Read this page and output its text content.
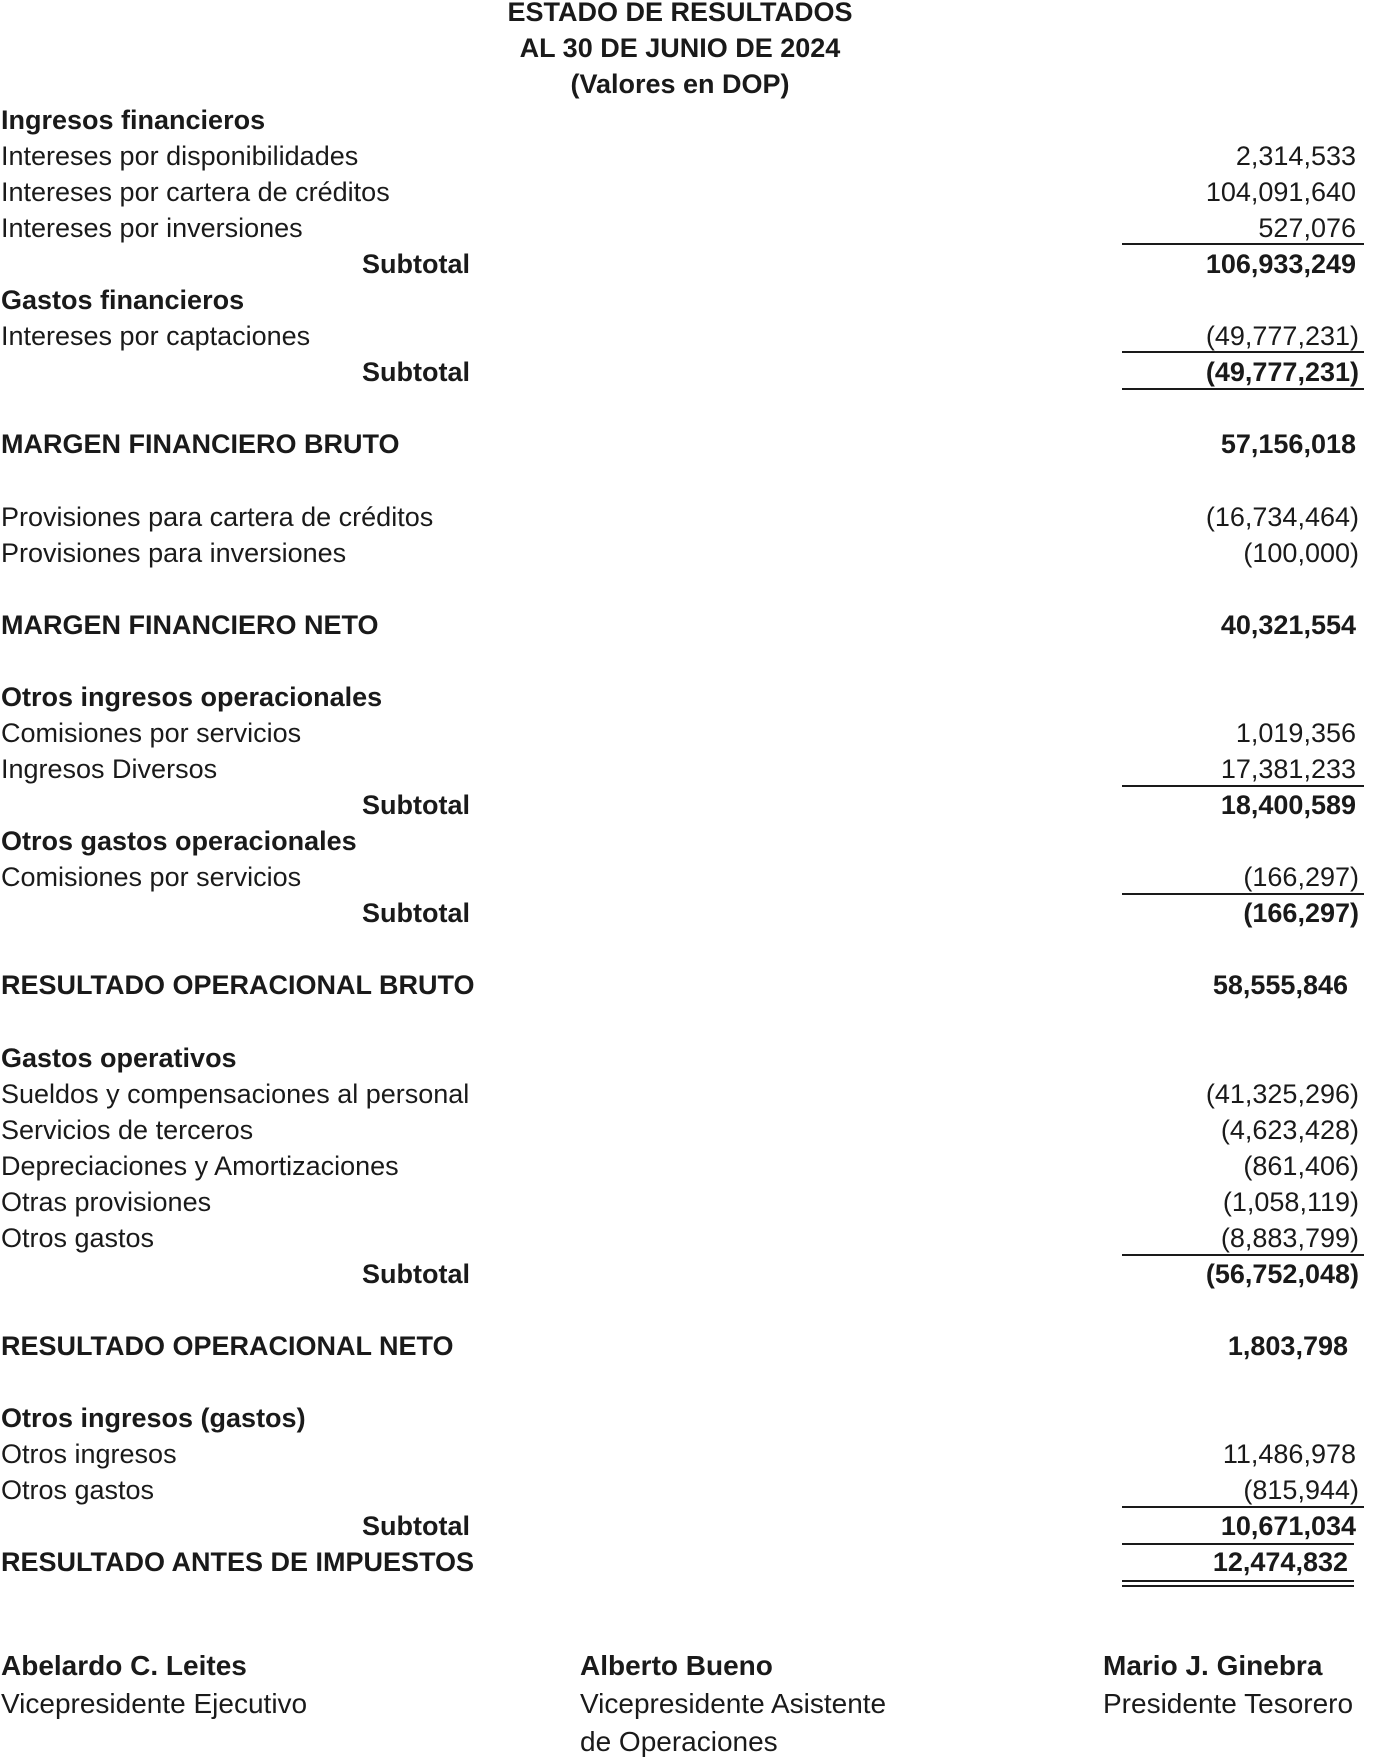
ESTADO DE RESULTADOS
AL 30 DE JUNIO DE 2024
(Valores en DOP)
Ingresos financieros
Intereses por disponibilidades	2,314,533
Intereses por cartera de créditos	104,091,640
Intereses por inversiones	527,076
Subtotal	106,933,249
Gastos financieros
Intereses por captaciones	(49,777,231)
Subtotal	(49,777,231)
MARGEN FINANCIERO BRUTO	57,156,018
Provisiones para cartera de créditos	(16,734,464)
Provisiones para inversiones	(100,000)
MARGEN FINANCIERO NETO	40,321,554
Otros ingresos operacionales
Comisiones por servicios	1,019,356
Ingresos Diversos	17,381,233
Subtotal	18,400,589
Otros gastos operacionales
Comisiones por servicios	(166,297)
Subtotal	(166,297)
RESULTADO OPERACIONAL BRUTO	58,555,846
Gastos operativos
Sueldos y compensaciones al personal	(41,325,296)
Servicios de terceros	(4,623,428)
Depreciaciones y Amortizaciones	(861,406)
Otras provisiones	(1,058,119)
Otros gastos	(8,883,799)
Subtotal	(56,752,048)
RESULTADO OPERACIONAL NETO	1,803,798
Otros ingresos (gastos)
Otros ingresos	11,486,978
Otros gastos	(815,944)
Subtotal	10,671,034
RESULTADO ANTES DE IMPUESTOS	12,474,832
Abelardo C. Leites
Vicepresidente Ejecutivo
Alberto Bueno
Vicepresidente Asistente
de Operaciones
Mario J. Ginebra
Presidente Tesorero
